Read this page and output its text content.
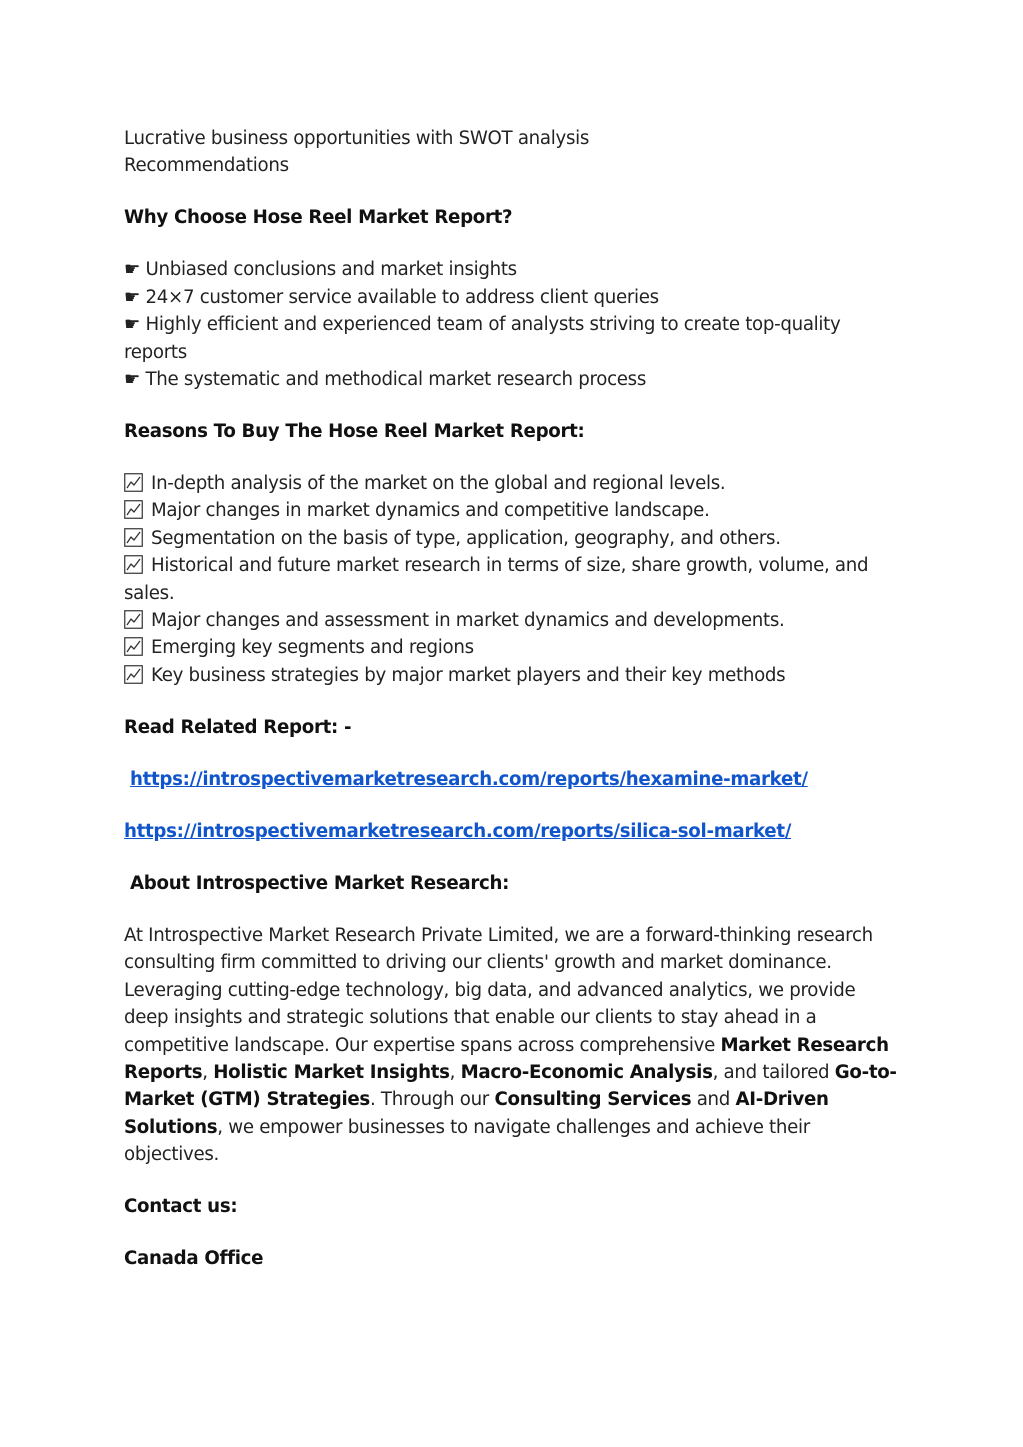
Lucrative business opportunities with SWOT analysis

Recommendations

Why Choose Hose Reel Market Report?

☛ Unbiased conclusions and market insights

☛ 24×7 customer service available to address client queries

☛ Highly efficient and experienced team of analysts striving to create top-quality reports

☛ The systematic and methodical market research process

Reasons To Buy The Hose Reel Market Report:

In-depth analysis of the market on the global and regional levels.

Major changes in market dynamics and competitive landscape.

Segmentation on the basis of type, application, geography, and others.

Historical and future market research in terms of size, share growth, volume, and sales.

Major changes and assessment in market dynamics and developments.

Emerging key segments and regions

Key business strategies by major market players and their key methods

Read Related Report: -

https://introspectivemarketresearch.com/reports/hexamine-market/

https://introspectivemarketresearch.com/reports/silica-sol-market/

About Introspective Market Research:

At Introspective Market Research Private Limited, we are a forward-thinking research consulting firm committed to driving our clients' growth and market dominance. Leveraging cutting-edge technology, big data, and advanced analytics, we provide deep insights and strategic solutions that enable our clients to stay ahead in a competitive landscape. Our expertise spans across comprehensive Market Research Reports, Holistic Market Insights, Macro-Economic Analysis, and tailored Go-to-Market (GTM) Strategies. Through our Consulting Services and AI-Driven Solutions, we empower businesses to navigate challenges and achieve their objectives.

Contact us:

Canada Office
